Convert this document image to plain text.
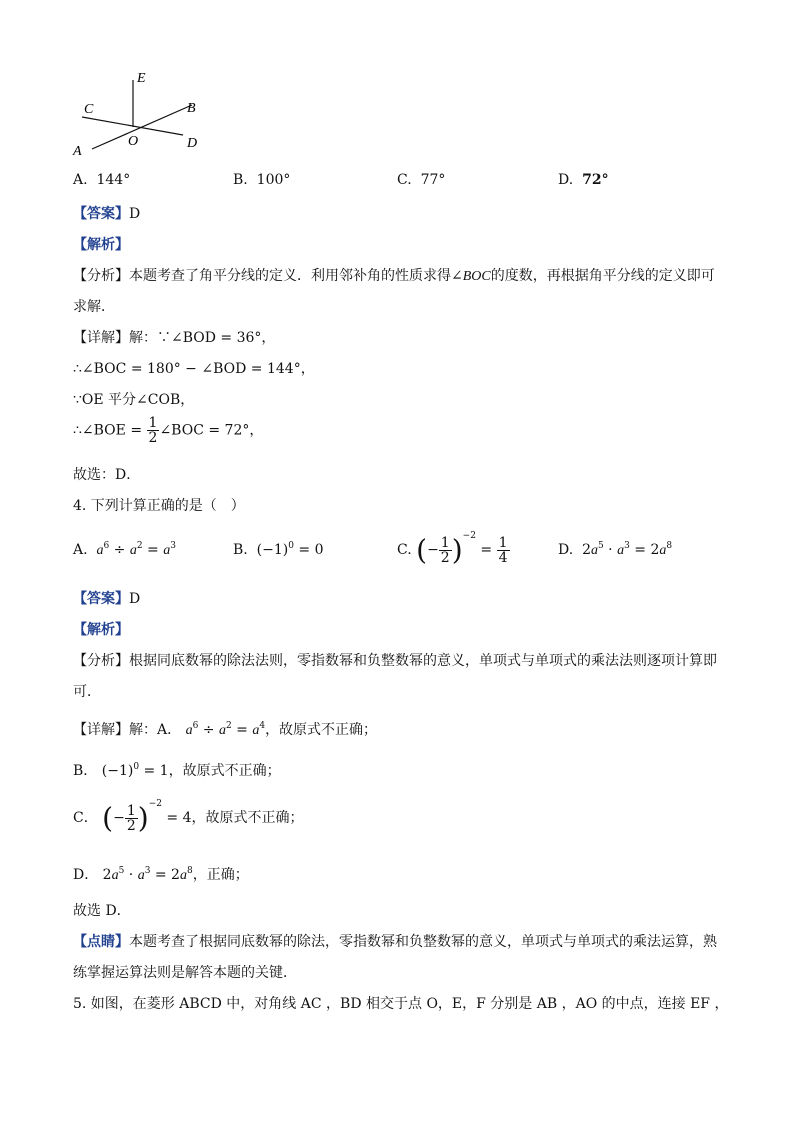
E
C	B
O	D
A
A. 144°	B. 100°	C. 77°	D. 72°
【答案】D
【解析】
【分析】本题考查了角平分线的定义．利用邻补角的性质求得∠BOC的度数，再根据角平分线的定义即可
求解．
【详解】解：∵∠BOD = 36°，
∴∠BOC = 180° − ∠BOD = 144°，
∵OE 平分∠COB，
∴∠BOE = $\frac{1}{2}$ ∠BOC = 72°，
故选：D．
4. 下列计算正确的是（　）
A. $a^6 \div a^2 = a^3$	B.  $(-1)^0 = 0$	C. (− $\frac{1}{2} )^{-2} = \frac{1}{4}$	D.  $2a^5 \cdot a^3 = 2a^8$
【答案】D
【解析】
【分析】根据同底数幂的除法法则，零指数幂和负整数幂的意义，单项式与单项式的乘法法则逐项计算即
可．
【详解】解：A． $a^6 \div a^2 = a^4$，故原式不正确；
B． $(-1)^0 = 1$，故原式不正确；
C． (− $\frac{1}{2} )^{-2} = 4$，故原式不正确；
D． $2a^5 \cdot a^3 = 2a^8$，正确；
故选 D．
【点睛】本题考查了根据同底数幂的除法，零指数幂和负整数幂的意义，单项式与单项式的乘法运算，熟
练掌握运算法则是解答本题的关键．
5. 如图，在菱形 ABCD 中，对角线 AC ，BD 相交于点 O，E，F 分别是 AB ，AO 的中点，连接 EF ，
